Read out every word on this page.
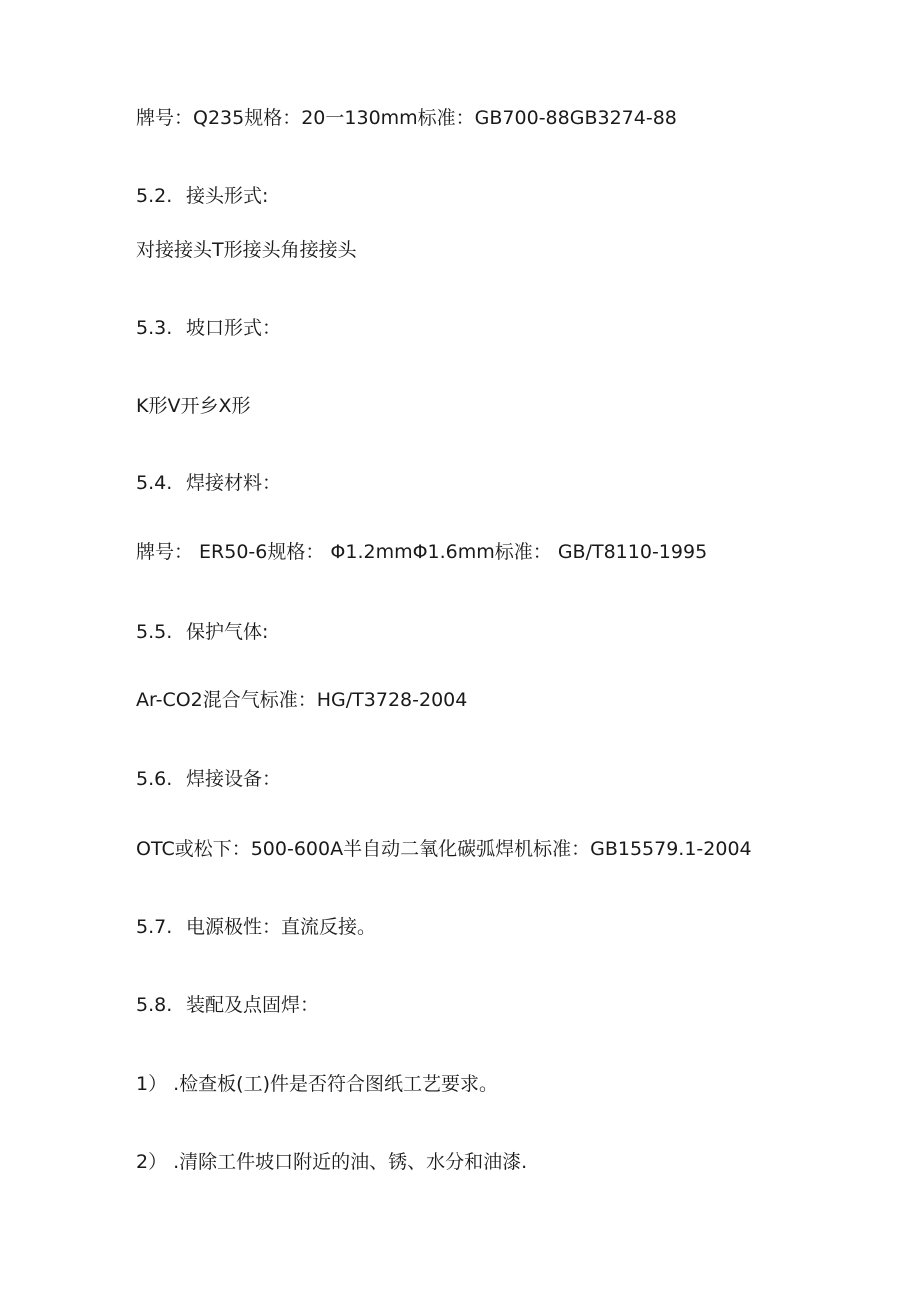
牌号：Q235规格：20一130mm标准：GB700-88GB3274-88
5.2. 接头形式:
对接接头T形接头角接接头
5.3. 坡口形式：
K形V开乡X形
5.4. 焊接材料：
牌号： ER50-6规格： Φ1.2mmΦ1.6mm标准： GB/T8110-1995
5.5. 保护气体:
Ar-CO2混合气标准：HG/T3728-2004
5.6. 焊接设备：
OTC或松下：500-600A半自动二氧化碳弧焊机标准：GB15579.1-2004
5.7. 电源极性：直流反接。
5.8. 装配及点固焊：
1） .检查板(工)件是否符合图纸工艺要求。
2） .清除工件坡口附近的油、锈、水分和油漆.
